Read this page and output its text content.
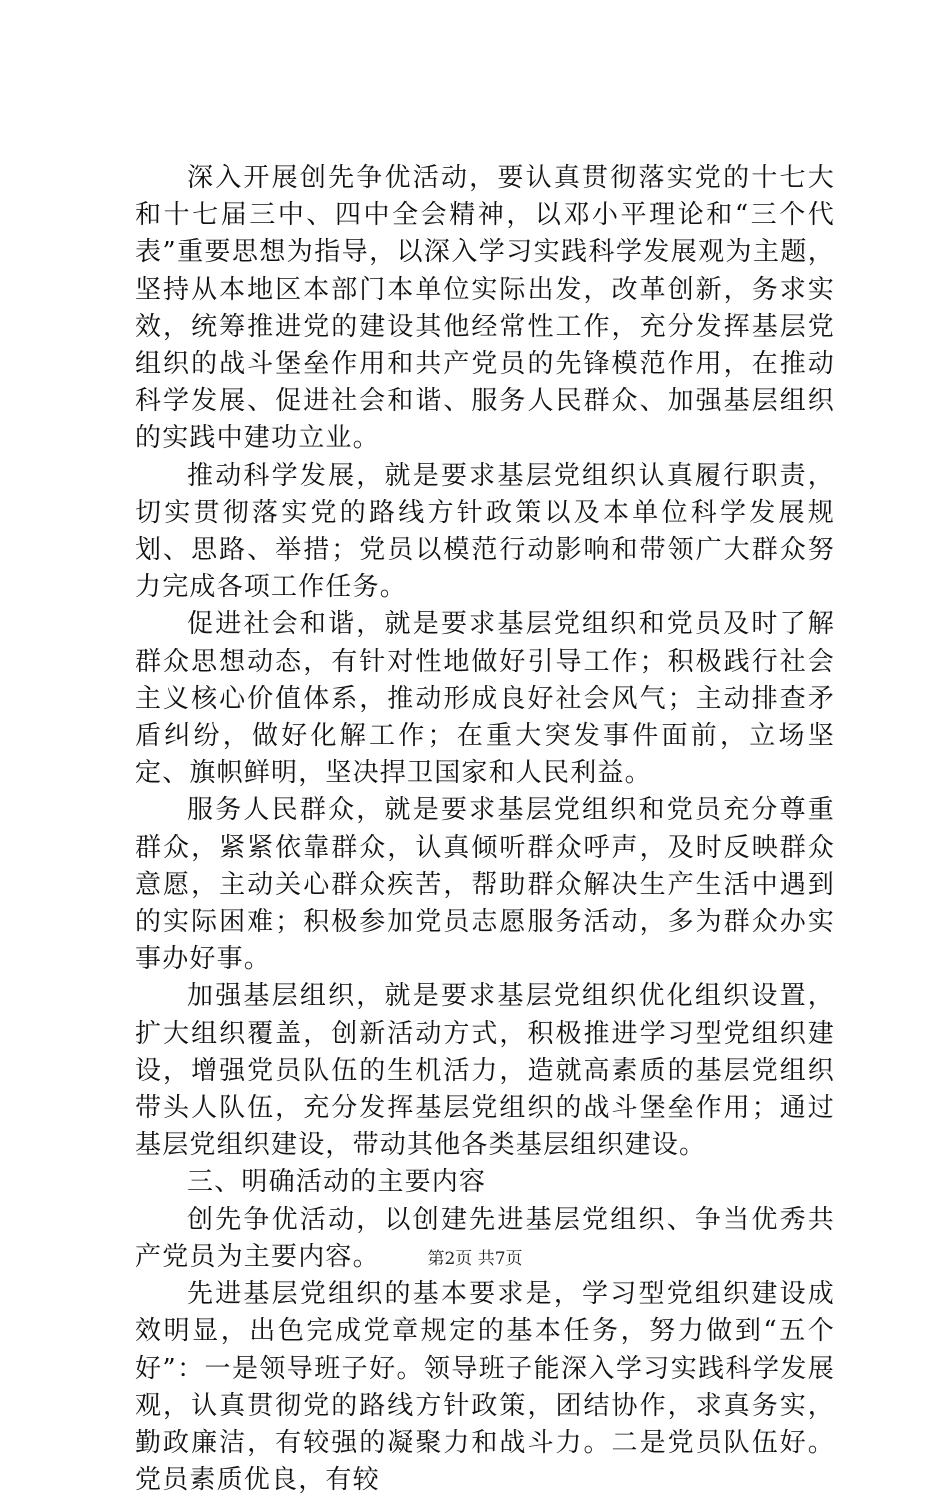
深入开展创先争优活动，要认真贯彻落实党的十七大和十七届三中、四中全会精神，以邓小平理论和“三个代表”重要思想为指导，以深入学习实践科学发展观为主题，坚持从本地区本部门本单位实际出发，改革创新，务求实效，统筹推进党的建设其他经常性工作，充分发挥基层党组织的战斗堡垒作用和共产党员的先锋模范作用，在推动科学发展、促进社会和谐、服务人民群众、加强基层组织的实践中建功立业。

推动科学发展，就是要求基层党组织认真履行职责，切实贯彻落实党的路线方针政策以及本单位科学发展规划、思路、举措；党员以模范行动影响和带领广大群众努力完成各项工作任务。

促进社会和谐，就是要求基层党组织和党员及时了解群众思想动态，有针对性地做好引导工作；积极践行社会主义核心价值体系，推动形成良好社会风气；主动排查矛盾纠纷，做好化解工作；在重大突发事件面前，立场坚定、旗帜鲜明，坚决捍卫国家和人民利益。

服务人民群众，就是要求基层党组织和党员充分尊重群众，紧紧依靠群众，认真倾听群众呼声，及时反映群众意愿，主动关心群众疾苦，帮助群众解决生产生活中遇到的实际困难；积极参加党员志愿服务活动，多为群众办实事办好事。

加强基层组织，就是要求基层党组织优化组织设置，扩大组织覆盖，创新活动方式，积极推进学习型党组织建设，增强党员队伍的生机活力，造就高素质的基层党组织带头人队伍，充分发挥基层党组织的战斗堡垒作用；通过基层党组织建设，带动其他各类基层组织建设。

三、明确活动的主要内容

创先争优活动，以创建先进基层党组织、争当优秀共产党员为主要内容。

先进基层党组织的基本要求是，学习型党组织建设成效明显，出色完成党章规定的基本任务，努力做到“五个好”：一是领导班子好。领导班子能深入学习实践科学发展观，认真贯彻党的路线方针政策，团结协作，求真务实，勤政廉洁，有较强的凝聚力和战斗力。二是党员队伍好。党员素质优良，有较

第2页 共7页
